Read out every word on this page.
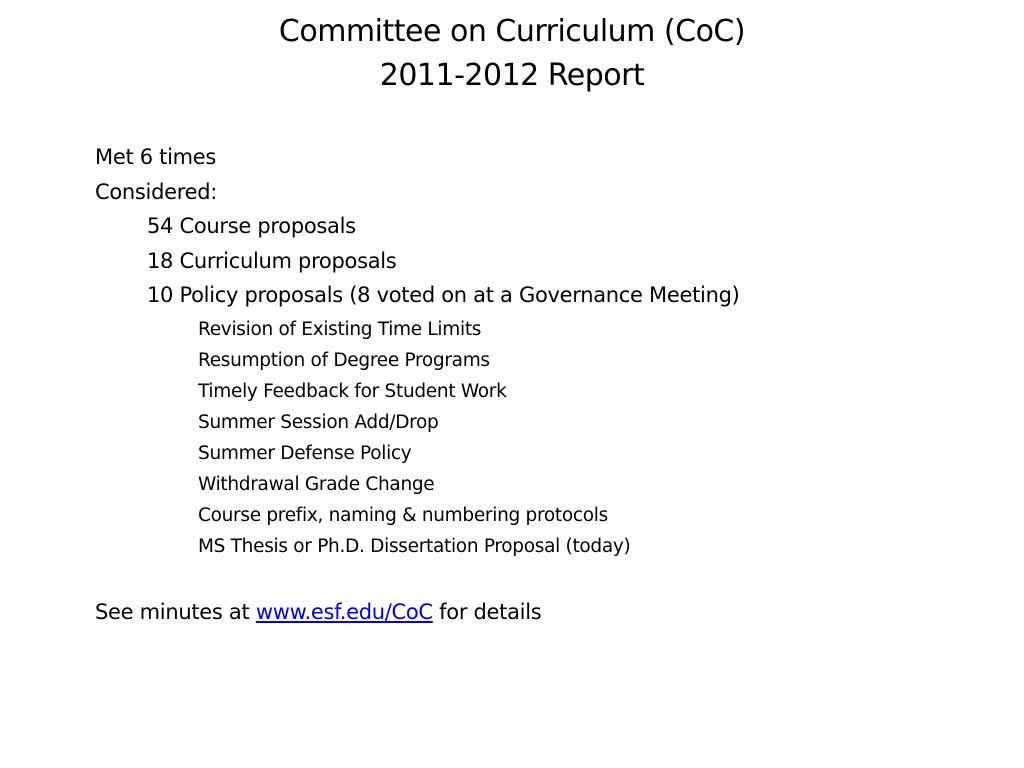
Committee on Curriculum (CoC)
2011-2012 Report
Met 6 times
Considered:
54 Course proposals
18 Curriculum proposals
10 Policy proposals (8 voted on at a Governance Meeting)
Revision of Existing Time Limits
Resumption of Degree Programs
Timely Feedback for Student Work
Summer Session Add/Drop
Summer Defense Policy
Withdrawal Grade Change
Course prefix, naming & numbering protocols
MS Thesis or Ph.D. Dissertation Proposal (today)
See minutes at www.esf.edu/CoC for details
